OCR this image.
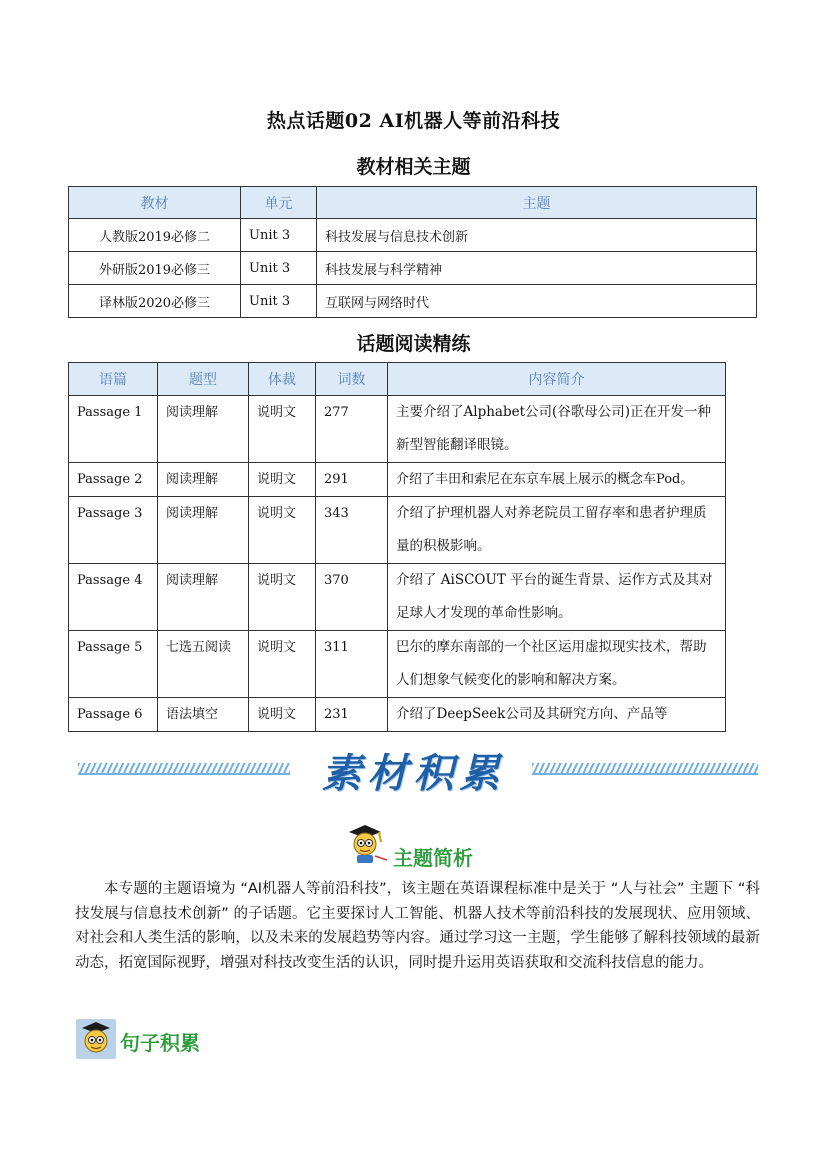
热点话题02 AI机器人等前沿科技
教材相关主题
教材	单元	主题
人教版2019必修二	Unit 3	科技发展与信息技术创新
外研版2019必修三	Unit 3	科技发展与科学精神
译林版2020必修三	Unit 3	互联网与网络时代
话题阅读精练
语篇	题型	体裁	词数	内容简介
Passage 1	阅读理解	说明文	277	主要介绍了Alphabet公司(谷歌母公司)正在开发一种新型智能翻译眼镜。
Passage 2	阅读理解	说明文	291	介绍了丰田和索尼在东京车展上展示的概念车Pod。
Passage 3	阅读理解	说明文	343	介绍了护理机器人对养老院员工留存率和患者护理质量的积极影响。
Passage 4	阅读理解	说明文	370	介绍了 AiSCOUT 平台的诞生背景、运作方式及其对足球人才发现的革命性影响。
Passage 5	七选五阅读	说明文	311	巴尔的摩东南部的一个社区运用虚拟现实技术，帮助人们想象气候变化的影响和解决方案。
Passage 6	语法填空	说明文	231	介绍了DeepSeek公司及其研究方向、产品等
素材积累
主题简析
本专题的主题语境为 “AI机器人等前沿科技”，该主题在英语课程标准中是关于 “人与社会” 主题下 “科技发展与信息技术创新” 的子话题。它主要探讨人工智能、机器人技术等前沿科技的发展现状、应用领域、对社会和人类生活的影响，以及未来的发展趋势等内容。通过学习这一主题，学生能够了解科技领域的最新动态，拓宽国际视野，增强对科技改变生活的认识，同时提升运用英语获取和交流科技信息的能力。
句子积累
